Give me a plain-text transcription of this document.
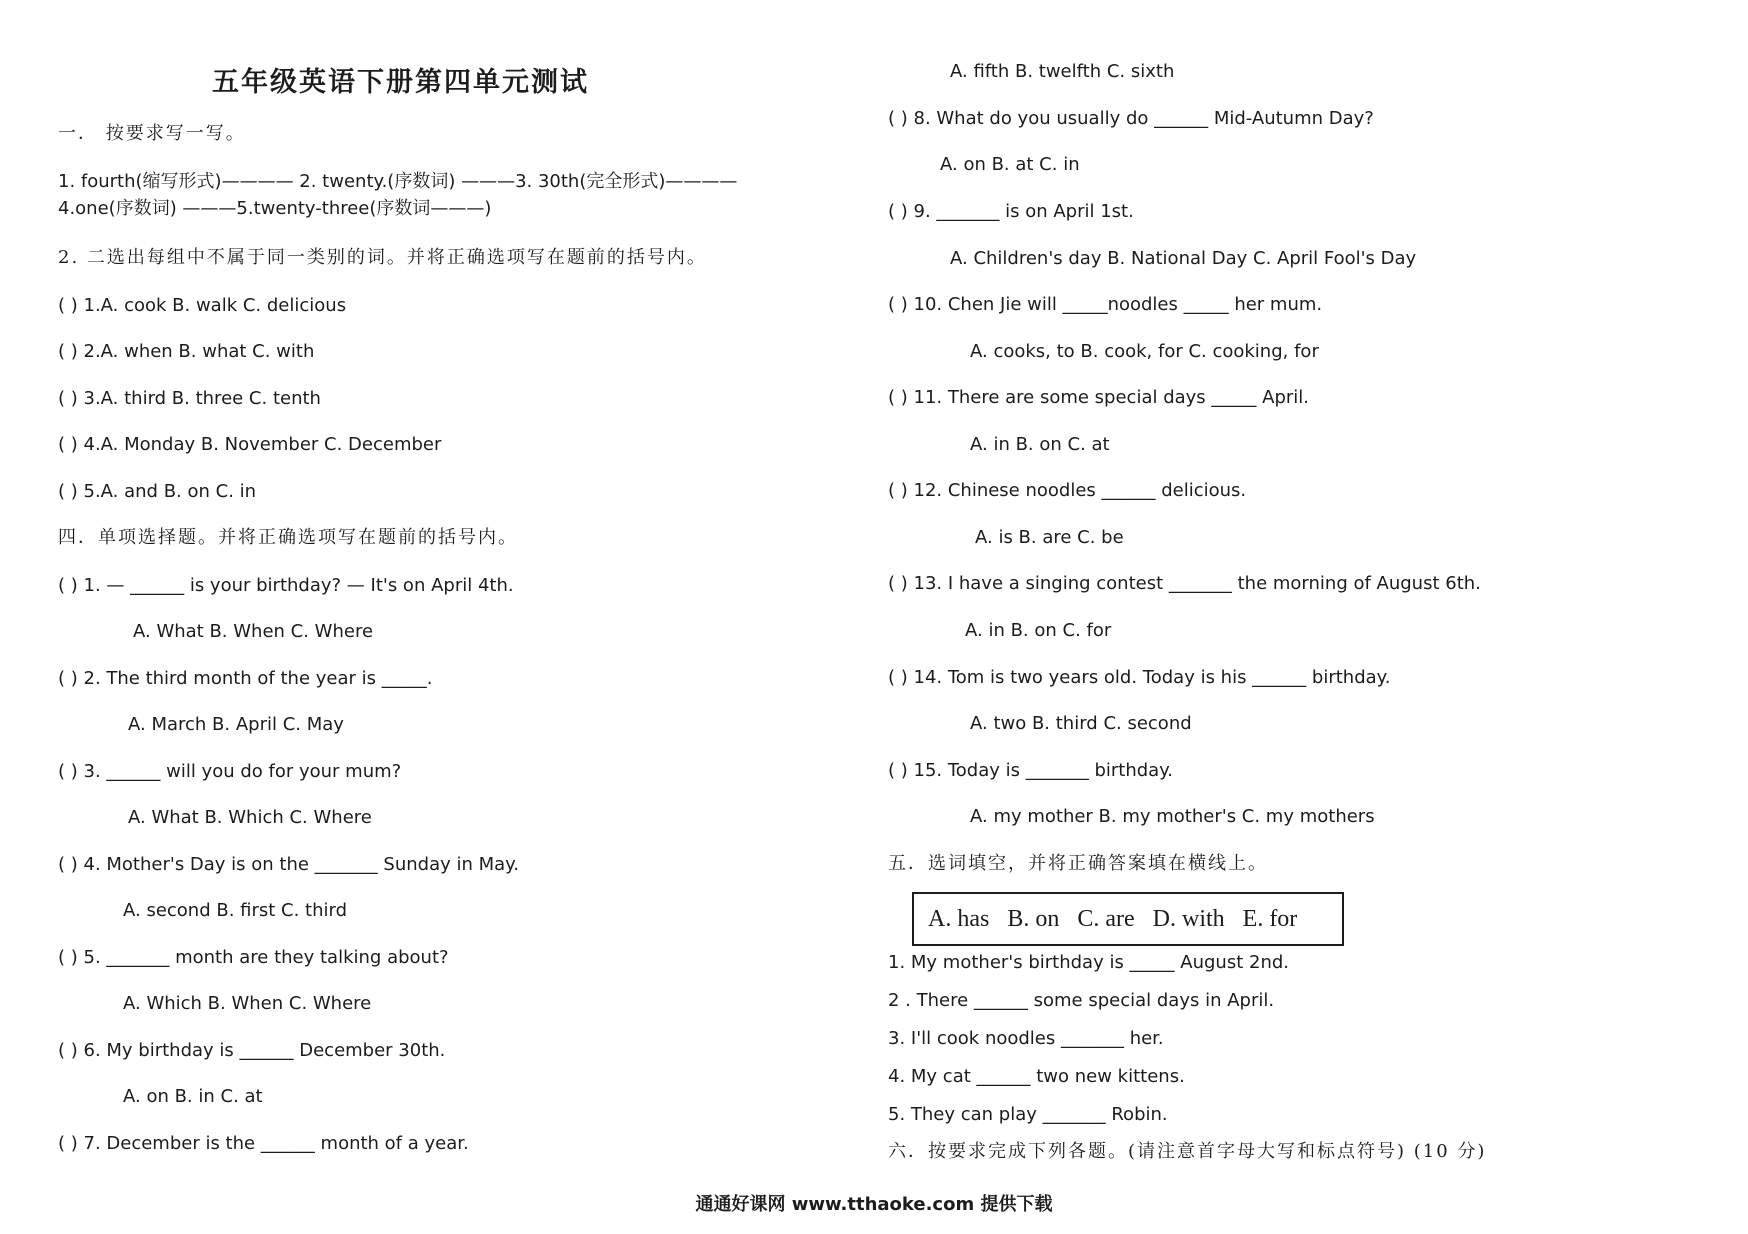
五年级英语下册第四单元测试
一． 按要求写一写。
1. fourth(缩写形式)———— 2. twenty.(序数词) ———3. 30th(完全形式)————
4.one(序数词) ———5.twenty-three(序数词———)
2. 二选出每组中不属于同一类别的词。并将正确选项写在题前的括号内。
( ) 1.A. cook B. walk C. delicious
( ) 2.A. when B. what C. with
( ) 3.A. third B. three C. tenth
( ) 4.A. Monday B. November C. December
( ) 5.A. and B. on C. in
四．单项选择题。并将正确选项写在题前的括号内。
( ) 1. — ______ is your birthday? — It's on April 4th.
A. What B. When C. Where
( ) 2. The third month of the year is _____.
A. March B. April C. May
( ) 3. ______ will you do for your mum?
A. What B. Which C. Where
( ) 4. Mother's Day is on the _______ Sunday in May.
A. second B. first C. third
( ) 5. _______ month are they talking about?
A. Which B. When C. Where
( ) 6. My birthday is ______ December 30th.
A. on B. in C. at
( ) 7. December is the ______ month of a year.
A. fifth B. twelfth C. sixth
( ) 8. What do you usually do ______ Mid-Autumn Day?
A. on B. at C. in
( ) 9. _______ is on April 1st.
A. Children's day B. National Day C. April Fool's Day
( ) 10. Chen Jie will _____noodles _____ her mum.
A. cooks, to B. cook, for C. cooking, for
( ) 11. There are some special days _____ April.
A. in B. on C. at
( ) 12. Chinese noodles ______ delicious.
A. is B. are C. be
( ) 13. I have a singing contest _______ the morning of August 6th.
A. in B. on C. for
( ) 14. Tom is two years old. Today is his ______ birthday.
A. two B. third C. second
( ) 15. Today is _______ birthday.
A. my mother B. my mother's C. my mothers
五．选词填空，并将正确答案填在横线上。
A. has B. on C. are D. with E. for
1. My mother's birthday is _____ August 2nd.
2 . There ______ some special days in April.
3. I'll cook noodles _______ her.
4. My cat ______ two new kittens.
5. They can play _______ Robin.
六．按要求完成下列各题。(请注意首字母大写和标点符号) (10 分)
通通好课网 www.tthaoke.com 提供下载
